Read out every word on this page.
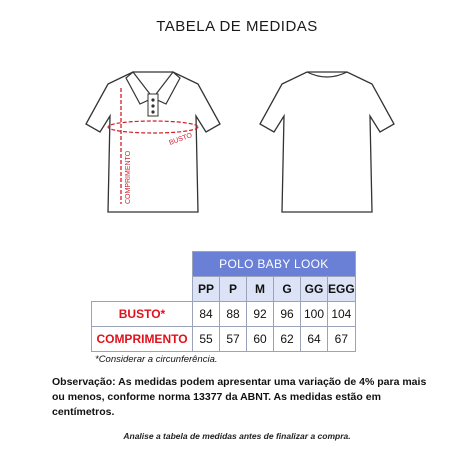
TABELA DE MEDIDAS
BUSTO
COMPRIMENTO
	POLO BABY LOOK					
	PP	P	M	G	GG	EGG
BUSTO*	84	88	92	96	100	104
COMPRIMENTO	55	57	60	62	64	67
*Considerar a circunferência.
Observação: As medidas podem apresentar uma variação de 4% para mais ou menos, conforme norma 13377 da ABNT. As medidas estão em centímetros.
Analise a tabela de medidas antes de finalizar a compra.
